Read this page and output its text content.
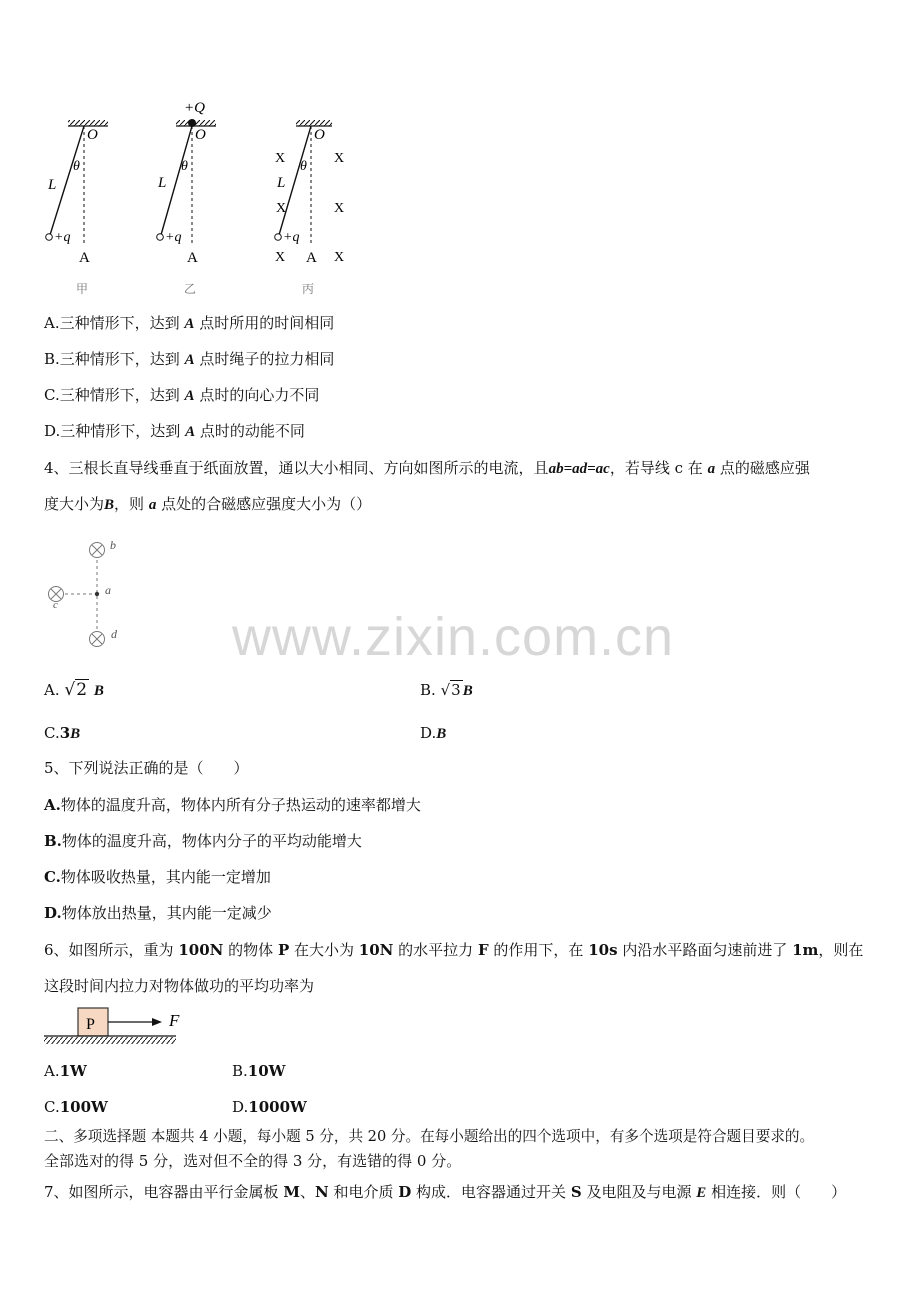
O
θ
L
+q
A
甲
+Q
O
θ
L
+q
A
乙
O
θ
L
+q
A
X
X
X
X
X
X
丙
A.三种情形下，达到 A 点时所用的时间相同
B.三种情形下，达到 A 点时绳子的拉力相同
C.三种情形下，达到 A 点时的向心力不同
D.三种情形下，达到 A 点时的动能不同
4、三根长直导线垂直于纸面放置，通以大小相同、方向如图所示的电流，且ab=ad=ac，若导线 c 在 a 点的磁感应强
度大小为B，则 a 点处的合磁感应强度大小为（）
b
a
c
d www.zixin.com.cn
A. √2 B	B. √3 B
C.3B	D.B
5、下列说法正确的是（　　）
A.物体的温度升高，物体内所有分子热运动的速率都增大
B.物体的温度升高，物体内分子的平均动能增大
C.物体吸收热量，其内能一定增加
D.物体放出热量，其内能一定减少
6、如图所示，重为 100N 的物体 P 在大小为 10N 的水平拉力 F 的作用下，在 10s 内沿水平路面匀速前进了 1m，则在
这段时间内拉力对物体做功的平均功率为
P	F
A.1W	B.10W
C.100W	D.1000W
二、多项选择题 本题共 4 小题，每小题 5 分，共 20 分。在每小题给出的四个选项中，有多个选项是符合题目要求的。
全部选对的得 5 分，选对但不全的得 3 分，有选错的得 0 分。
7、如图所示，电容器由平行金属板 M、N 和电介质 D 构成．电容器通过开关 S 及电阻及与电源 E 相连接．则（　　）
